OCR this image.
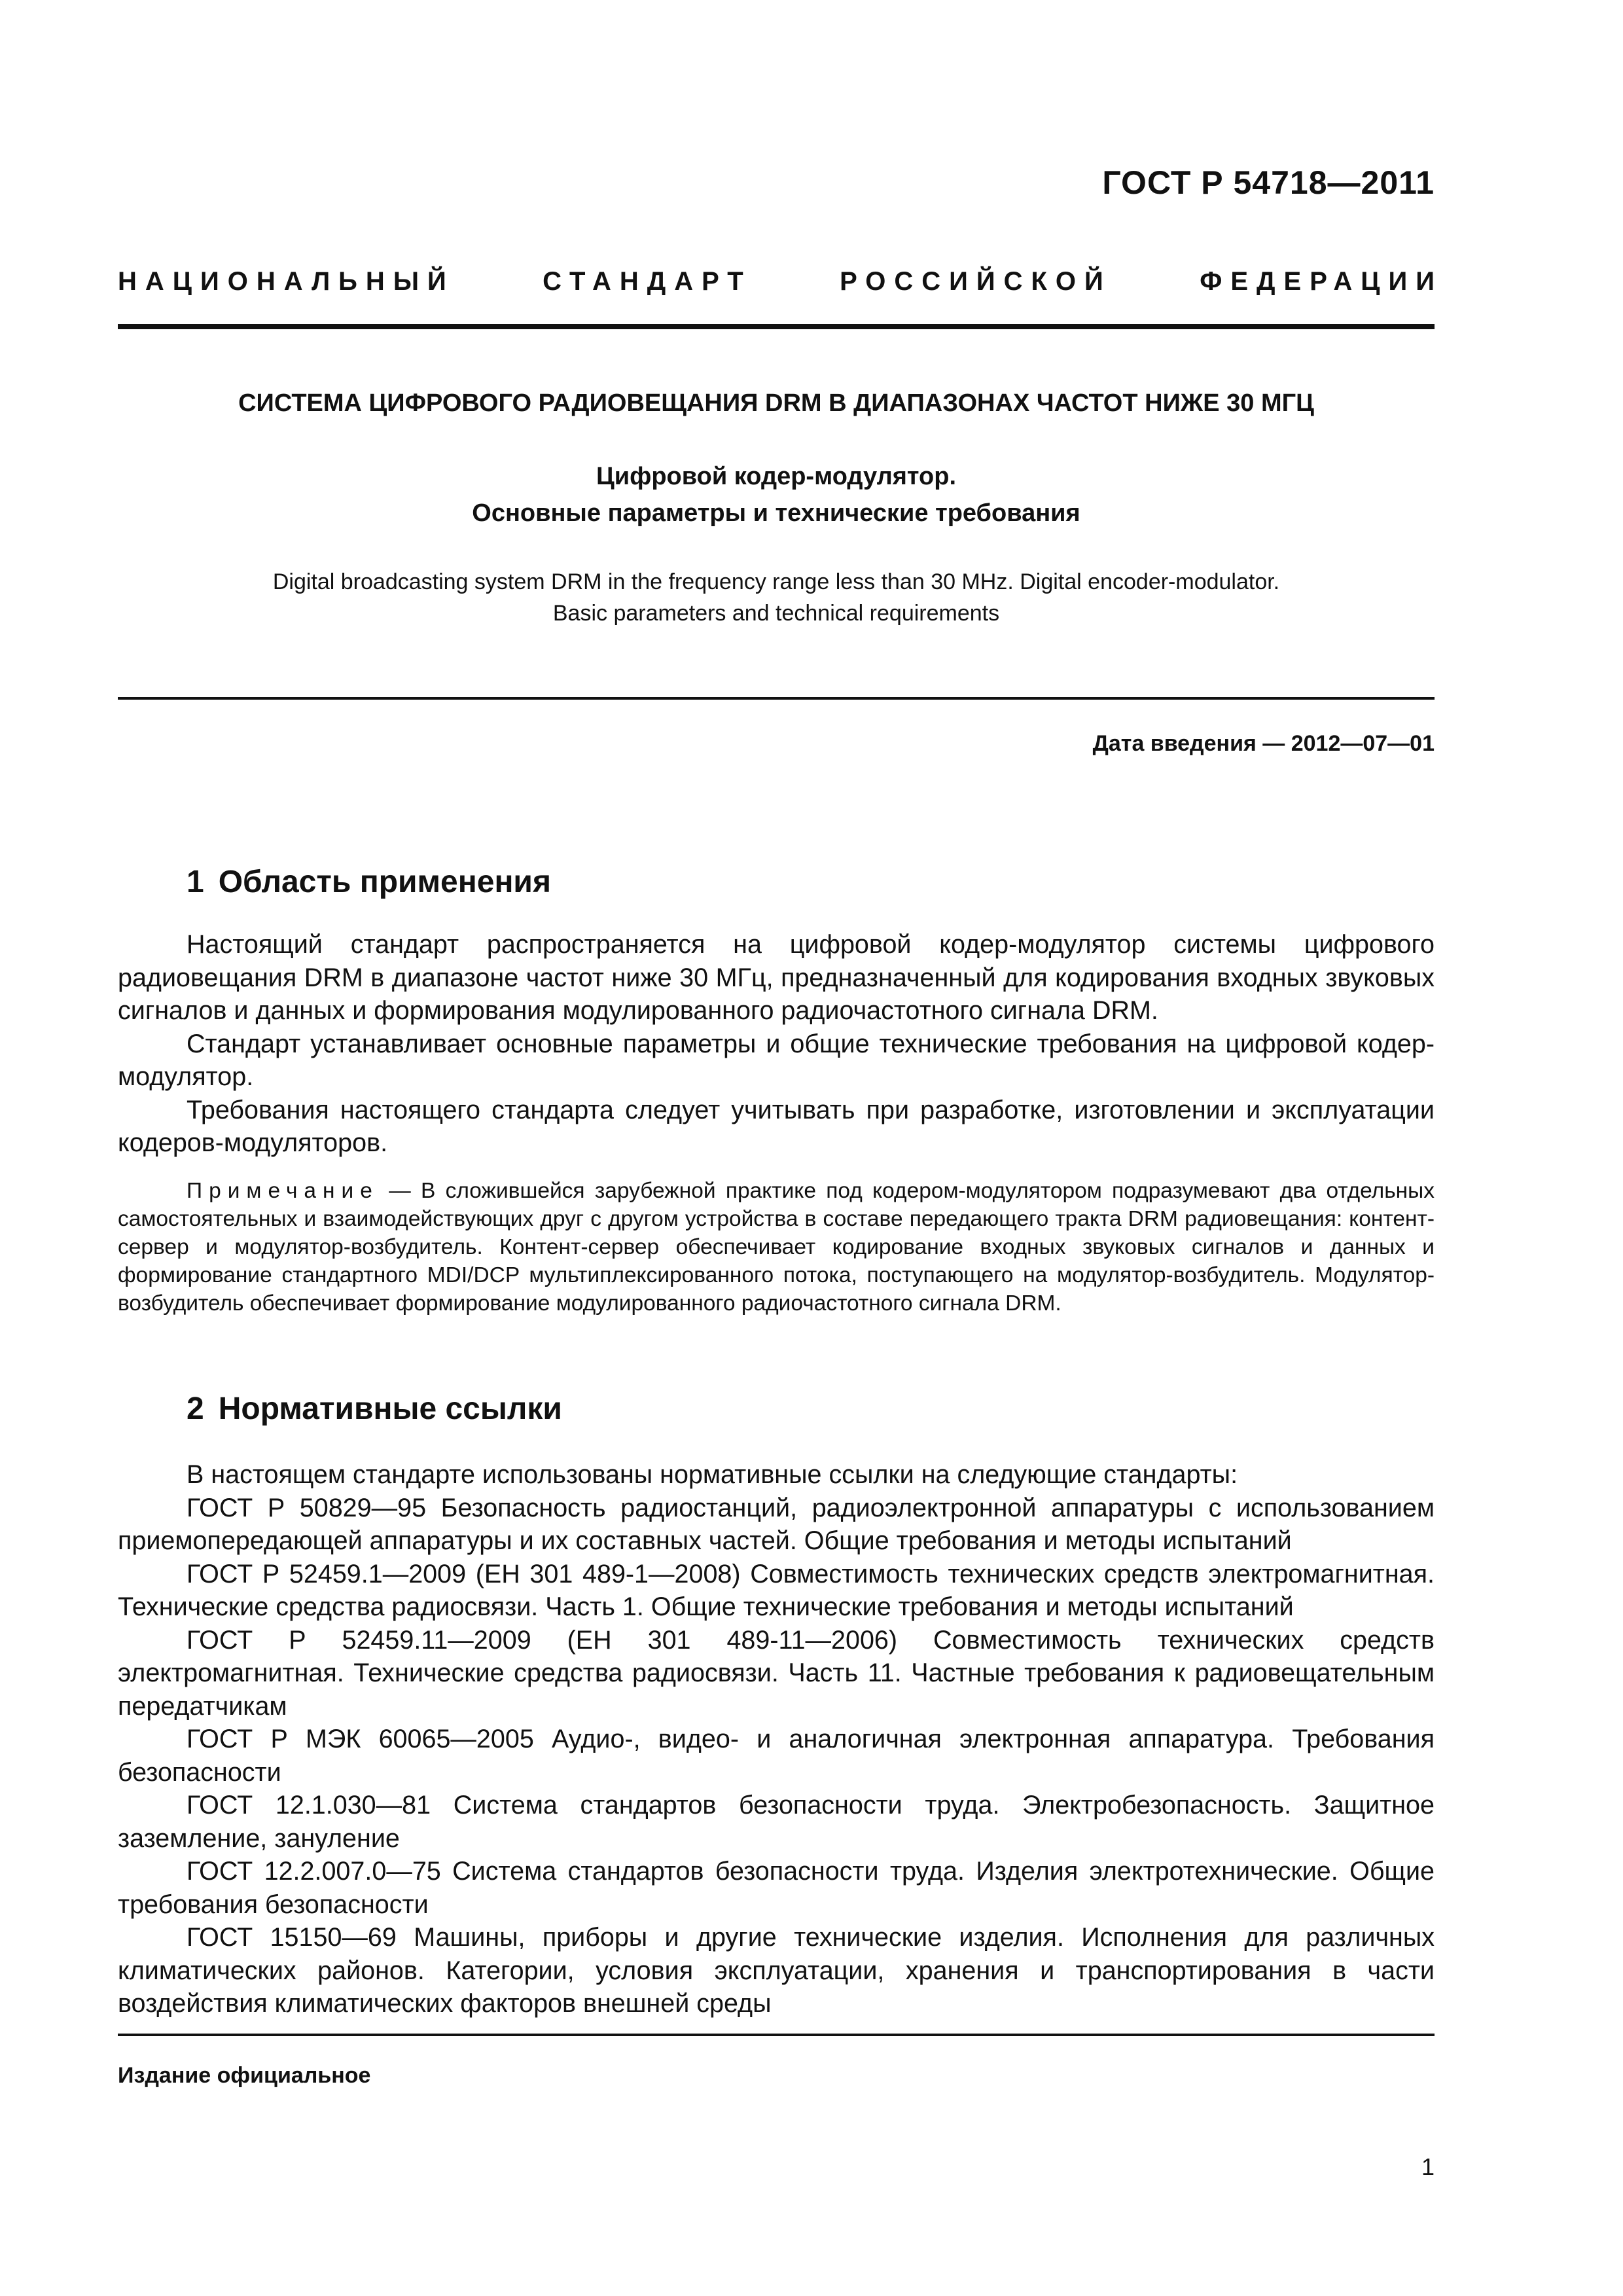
ГОСТ Р 54718—2011
НАЦИОНАЛЬНЫЙ	СТАНДАРТ	РОССИЙСКОЙ	ФЕДЕРАЦИИ
СИСТЕМА ЦИФРОВОГО РАДИОВЕЩАНИЯ DRM В ДИАПАЗОНАХ ЧАСТОТ НИЖЕ 30 МГЦ
Цифровой кодер-модулятор.
Основные параметры и технические требования
Digital broadcasting system DRM in the frequency range less than 30 MHz. Digital encoder-modulator.
Basic parameters and technical requirements
Дата введения — 2012—07—01
1 Область применения

Настоящий стандарт распространяется на цифровой кодер-модулятор системы цифрового радиовещания DRM в диапазоне частот ниже 30 МГц, предназначенный для кодирования входных звуковых сигналов и данных и формирования модулированного радиочастотного сигнала DRM.

Стандарт устанавливает основные параметры и общие технические требования на цифровой кодер-модулятор.

Требования настоящего стандарта следует учитывать при разработке, изготовлении и эксплуатации кодеров-модуляторов.

Примечание — В сложившейся зарубежной практике под кодером-модулятором подразумевают два отдельных самостоятельных и взаимодействующих друг с другом устройства в составе передающего тракта DRM радиовещания: контент-сервер и модулятор-возбудитель. Контент-сервер обеспечивает кодирование входных звуковых сигналов и данных и формирование стандартного MDI/DCP мультиплексированного потока, поступающего на модулятор-возбудитель. Модулятор-возбудитель обеспечивает формирование модулированного радиочастотного сигнала DRM.

2 Нормативные ссылки

В настоящем стандарте использованы нормативные ссылки на следующие стандарты:

ГОСТ Р 50829—95 Безопасность радиостанций, радиоэлектронной аппаратуры с использованием приемопередающей аппаратуры и их составных частей. Общие требования и методы испытаний

ГОСТ Р 52459.1—2009 (ЕН 301 489-1—2008) Совместимость технических средств электромагнитная. Технические средства радиосвязи. Часть 1. Общие технические требования и методы испытаний

ГОСТ Р 52459.11—2009 (ЕН 301 489-11—2006) Совместимость технических средств электромагнитная. Технические средства радиосвязи. Часть 11. Частные требования к радиовещательным передатчикам

ГОСТ Р МЭК 60065—2005 Аудио-, видео- и аналогичная электронная аппаратура. Требования безопасности

ГОСТ 12.1.030—81 Система стандартов безопасности труда. Электробезопасность. Защитное заземление, зануление

ГОСТ 12.2.007.0—75 Система стандартов безопасности труда. Изделия электротехнические. Общие требования безопасности

ГОСТ 15150—69 Машины, приборы и другие технические изделия. Исполнения для различных климатических районов. Категории, условия эксплуатации, хранения и транспортирования в части воздействия климатических факторов внешней среды

Издание официальное
1
